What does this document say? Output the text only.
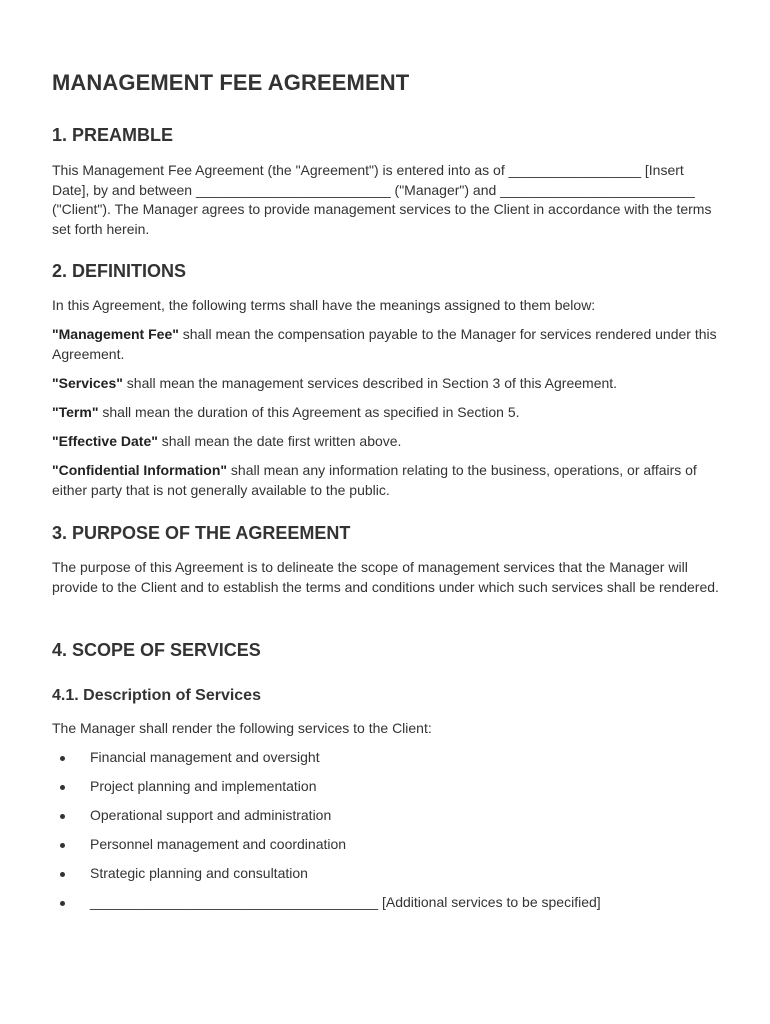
MANAGEMENT FEE AGREEMENT
1. PREAMBLE

This Management Fee Agreement (the "Agreement") is entered into as of _________________ [Insert Date], by and between _________________________ ("Manager") and _________________________ ("Client"). The Manager agrees to provide management services to the Client in accordance with the terms set forth herein.

2. DEFINITIONS

In this Agreement, the following terms shall have the meanings assigned to them below:

"Management Fee" shall mean the compensation payable to the Manager for services rendered under this Agreement.

"Services" shall mean the management services described in Section 3 of this Agreement.

"Term" shall mean the duration of this Agreement as specified in Section 5.

"Effective Date" shall mean the date first written above.

"Confidential Information" shall mean any information relating to the business, operations, or affairs of either party that is not generally available to the public.

3. PURPOSE OF THE AGREEMENT

The purpose of this Agreement is to delineate the scope of management services that the Manager will provide to the Client and to establish the terms and conditions under which such services shall be rendered.

4. SCOPE OF SERVICES
4.1. Description of Services

The Manager shall render the following services to the Client:

Financial management and oversight
Project planning and implementation
Operational support and administration
Personnel management and coordination
Strategic planning and consultation
_____________________________________ [Additional services to be specified]
